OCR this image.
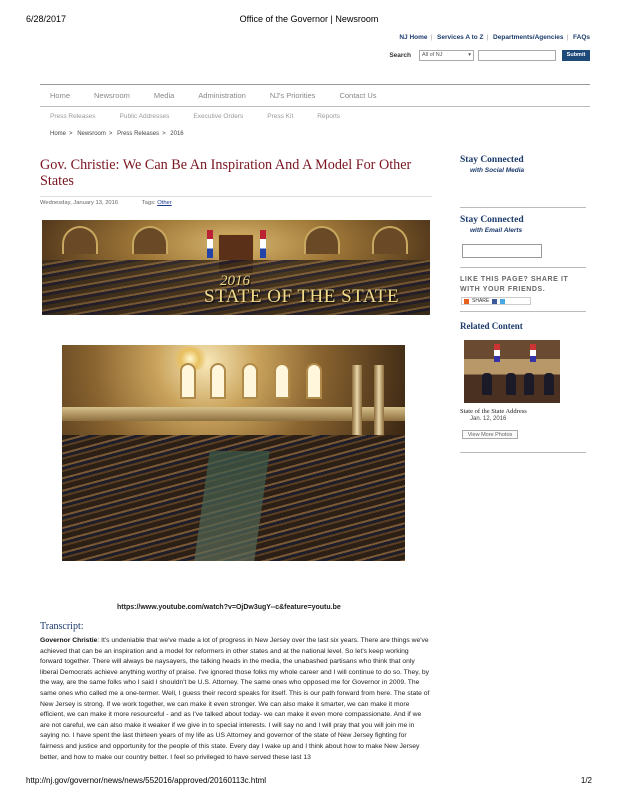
6/28/2017	Office of the Governor | Newsroom
NJ Home | Services A to Z | Departments/Agencies | FAQs
Search All of NJ	▾	Submit
Home	Newsroom	Media	Administration	NJ's Priorities	Contact Us
Press Releases	Public Addresses	Executive Orders	Press Kit	Reports
Home > Newsroom > Press Releases > 2016
Gov. Christie: We Can Be An Inspiration And A Model For Other States
Wednesday, January 13, 2016	Tags: Other
2016
STATE OF THE STATE
https://www.youtube.com/watch?v=OjDw3ugY--c&feature=youtu.be
Transcript:
Governor Christie: It's undeniable that we've made a lot of progress in New Jersey over the last six years. There are things we've achieved that can be an inspiration and a model for reformers in other states and at the national level. So let's keep working forward together. There will always be naysayers, the talking heads in the media, the unabashed partisans who think that only liberal Democrats achieve anything worthy of praise. I've ignored those folks my whole career and I will continue to do so. They, by the way, are the same folks who I said I shouldn't be U.S. Attorney. The same ones who opposed me for Governor in 2009. The same ones who called me a one-termer. Well, I guess their record speaks for itself. This is our path forward from here. The state of New Jersey is strong. If we work together, we can make it even stronger. We can also make it smarter, we can make it more efficient, we can make it more resourceful - and as I've talked about today- we can make it even more compassionate. And if we are not careful, we can also make it weaker if we give in to special interests. I will say no and I will pray that you will join me in saying no. I have spent the last thirteen years of my life as US Attorney and governor of the state of New Jersey fighting for fairness and justice and opportunity for the people of this state. Every day I wake up and I think about how to make New Jersey better, and how to make our country better. I feel so privileged to have served these last 13
Stay Connected
with Social Media
Stay Connected
with Email Alerts
LIKE THIS PAGE? SHARE IT
WITH YOUR FRIENDS.
SHARE
Related Content
State of the State Address
Jan. 12, 2016
View More Photos
http://nj.gov/governor/news/news/552016/approved/20160113c.html	1/2
